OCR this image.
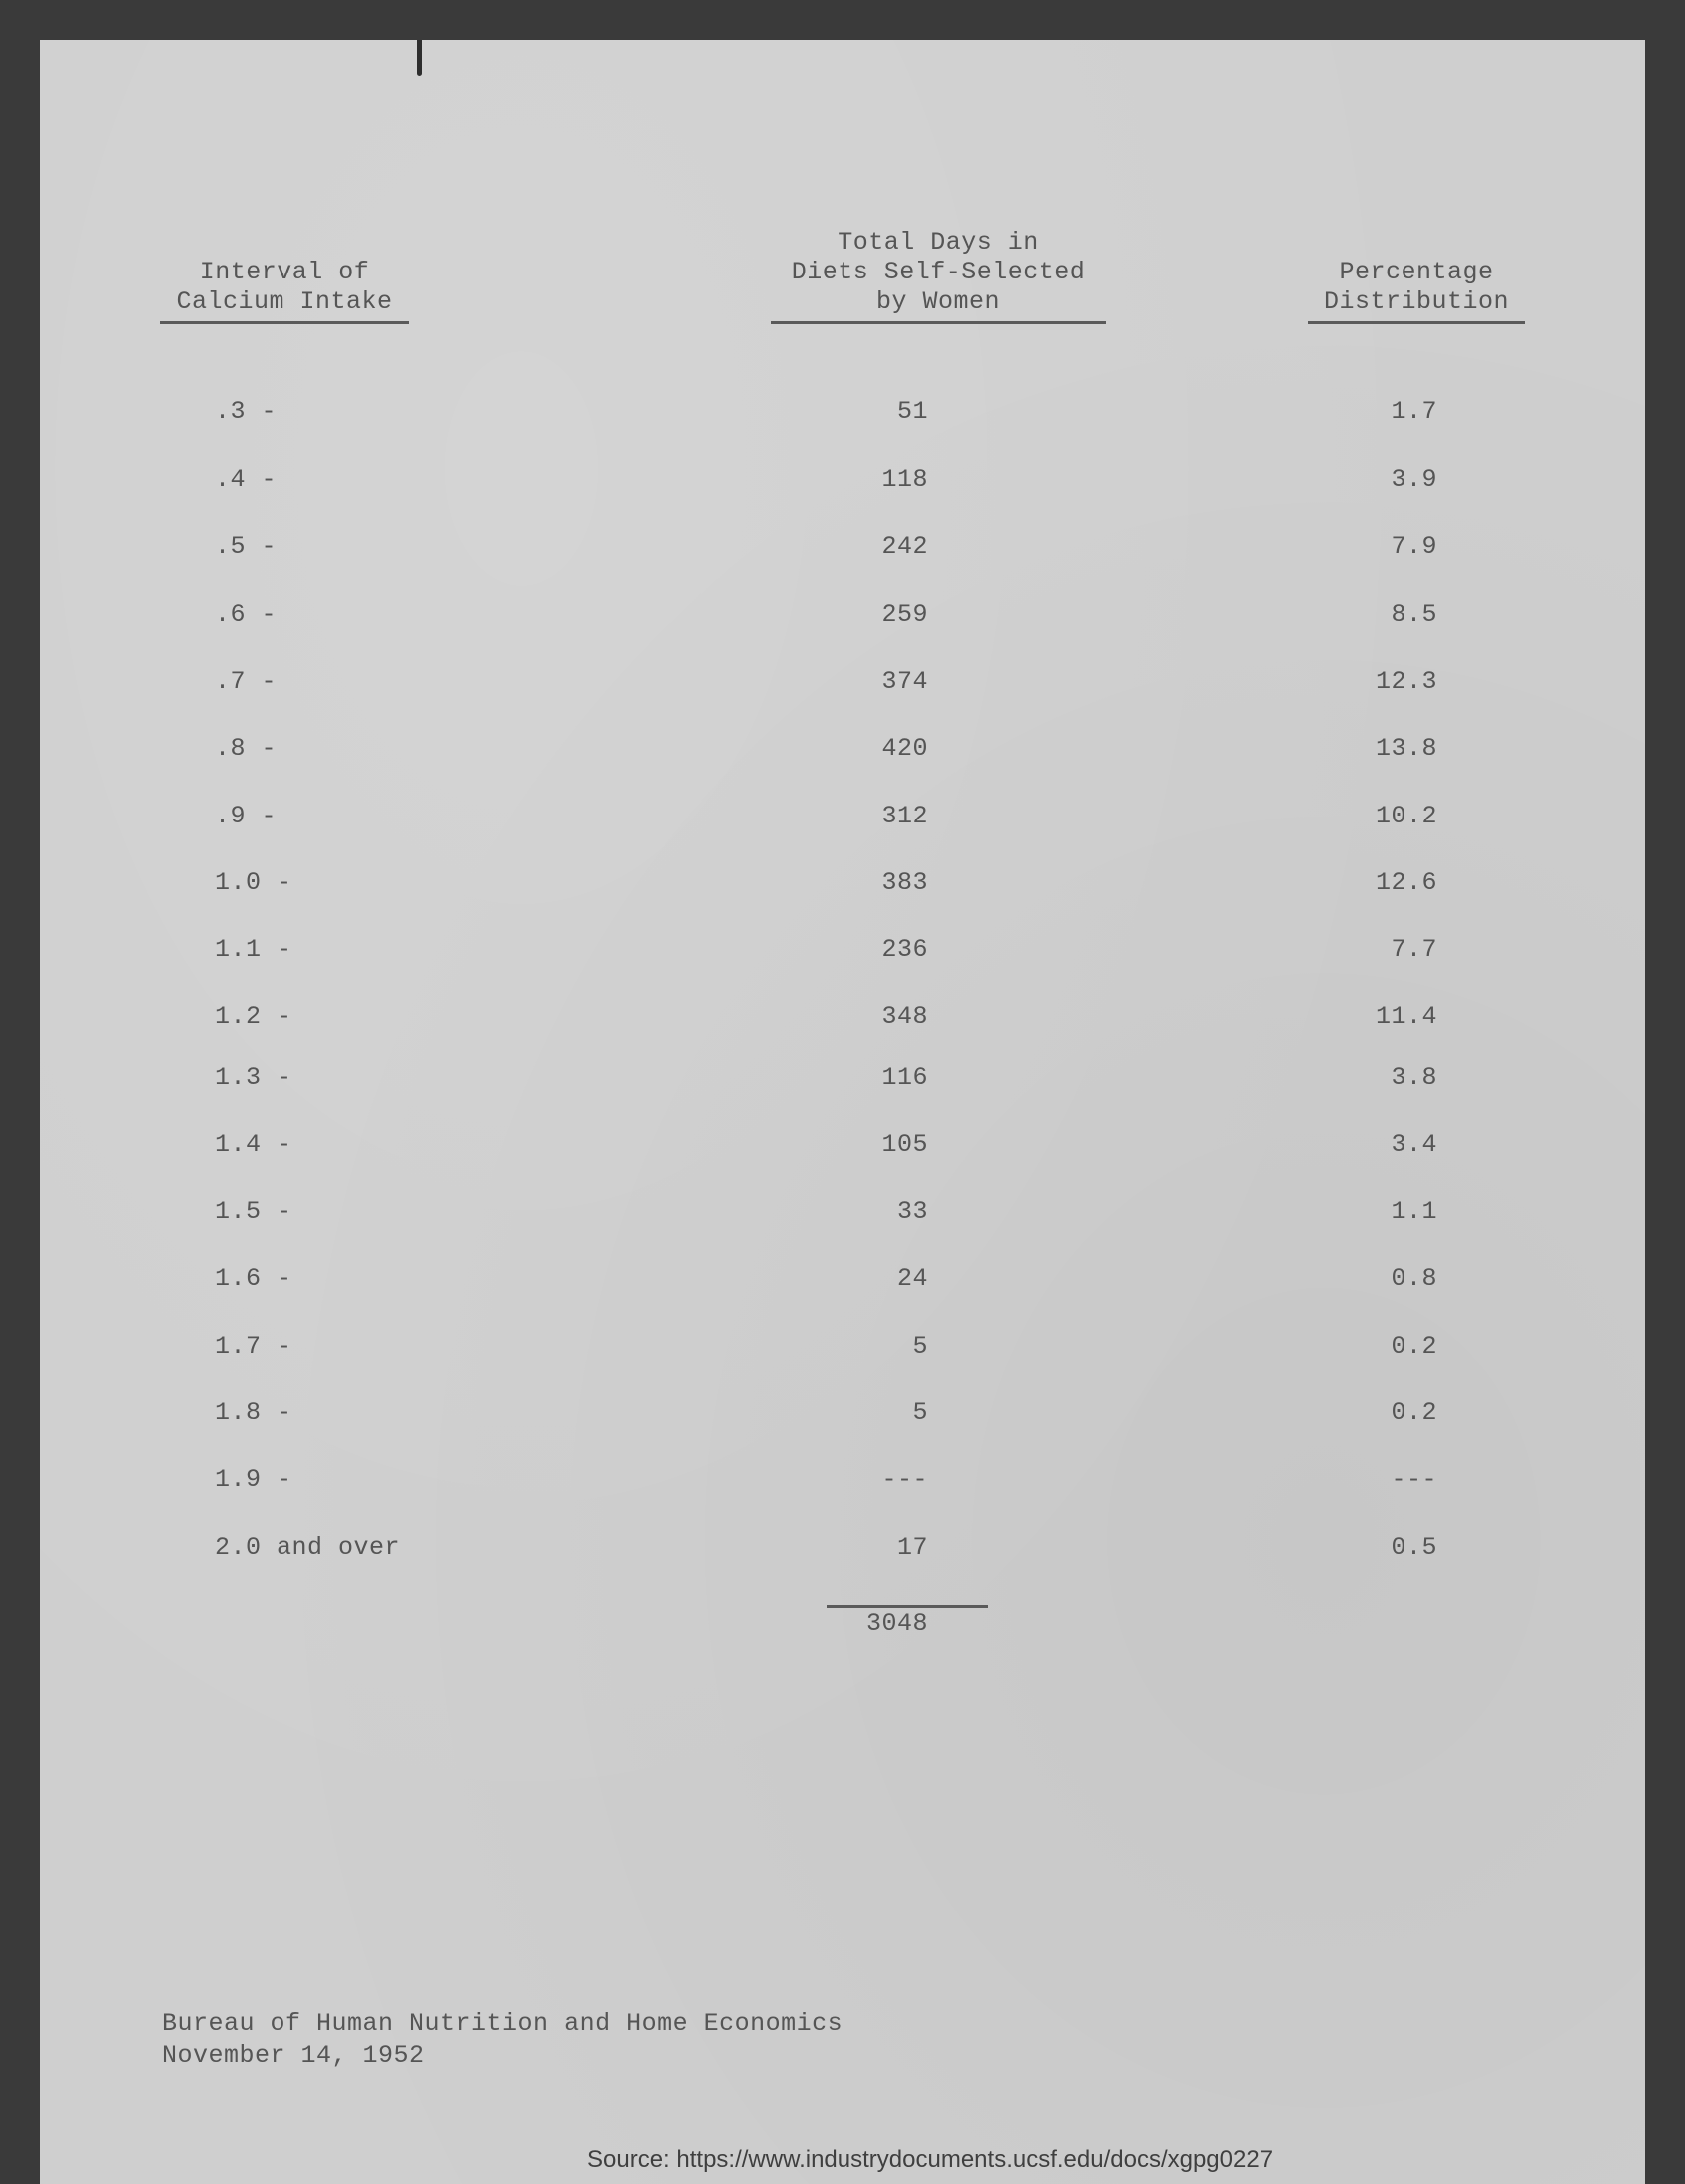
Interval of
Calcium Intake
Total Days in
Diets Self-Selected
by Women
Percentage
Distribution
.3 -	51	1.7
.4 -	118	3.9
.5 -	242	7.9
.6 -	259	8.5
.7 -	374	12.3
.8 -	420	13.8
.9 -	312	10.2
1.0 -	383	12.6
1.1 -	236	7.7
1.2 -	348	11.4
1.3 -	116	3.8
1.4 -	105	3.4
1.5 -	33	1.1
1.6 -	24	0.8
1.7 -	5	0.2
1.8 -	5	0.2
1.9 -	---	---
2.0 and over	17	0.5
3048
Bureau of Human Nutrition and Home Economics
November 14, 1952
Source: https://www.industrydocuments.ucsf.edu/docs/xgpg0227
